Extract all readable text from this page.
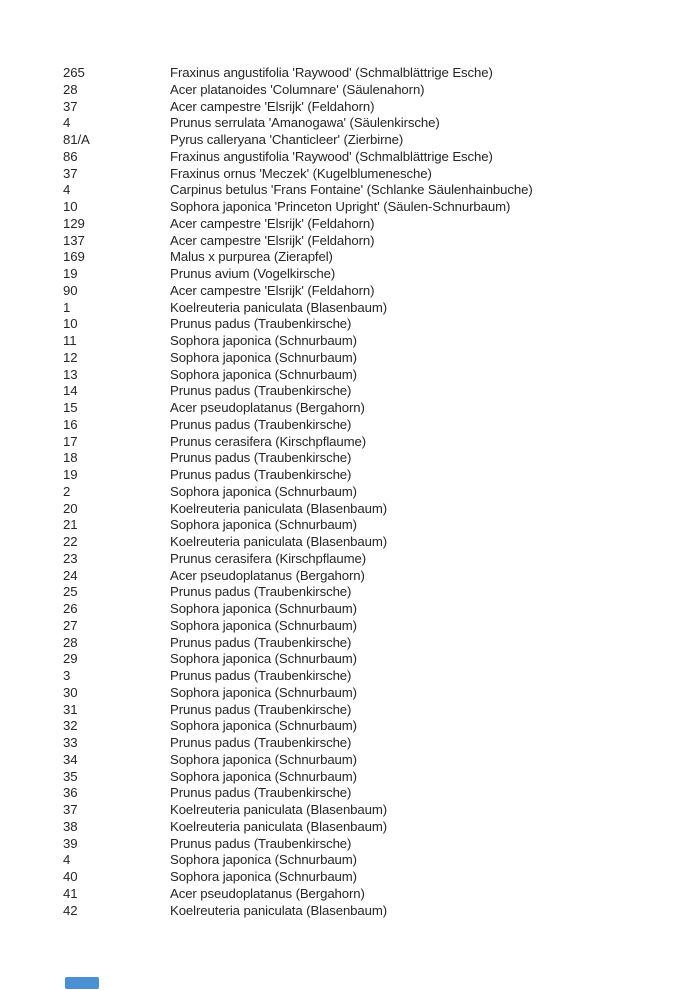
265	Fraxinus angustifolia 'Raywood' (Schmalblättrige Esche)
28	Acer platanoides 'Columnare' (Säulenahorn)
37	Acer campestre 'Elsrijk' (Feldahorn)
4	Prunus serrulata 'Amanogawa' (Säulenkirsche)
81/A	Pyrus calleryana 'Chanticleer' (Zierbirne)
86	Fraxinus angustifolia 'Raywood' (Schmalblättrige Esche)
37	Fraxinus ornus 'Meczek' (Kugelblumenesche)
4	Carpinus betulus 'Frans Fontaine' (Schlanke Säulenhainbuche)
10	Sophora japonica 'Princeton Upright' (Säulen-Schnurbaum)
129	Acer campestre 'Elsrijk' (Feldahorn)
137	Acer campestre 'Elsrijk' (Feldahorn)
169	Malus x purpurea (Zierapfel)
19	Prunus avium (Vogelkirsche)
90	Acer campestre 'Elsrijk' (Feldahorn)
1	Koelreuteria paniculata (Blasenbaum)
10	Prunus padus (Traubenkirsche)
11	Sophora japonica (Schnurbaum)
12	Sophora japonica (Schnurbaum)
13	Sophora japonica (Schnurbaum)
14	Prunus padus (Traubenkirsche)
15	Acer pseudoplatanus (Bergahorn)
16	Prunus padus (Traubenkirsche)
17	Prunus cerasifera (Kirschpflaume)
18	Prunus padus (Traubenkirsche)
19	Prunus padus (Traubenkirsche)
2	Sophora japonica (Schnurbaum)
20	Koelreuteria paniculata (Blasenbaum)
21	Sophora japonica (Schnurbaum)
22	Koelreuteria paniculata (Blasenbaum)
23	Prunus cerasifera (Kirschpflaume)
24	Acer pseudoplatanus (Bergahorn)
25	Prunus padus (Traubenkirsche)
26	Sophora japonica (Schnurbaum)
27	Sophora japonica (Schnurbaum)
28	Prunus padus (Traubenkirsche)
29	Sophora japonica (Schnurbaum)
3	Prunus padus (Traubenkirsche)
30	Sophora japonica (Schnurbaum)
31	Prunus padus (Traubenkirsche)
32	Sophora japonica (Schnurbaum)
33	Prunus padus (Traubenkirsche)
34	Sophora japonica (Schnurbaum)
35	Sophora japonica (Schnurbaum)
36	Prunus padus (Traubenkirsche)
37	Koelreuteria paniculata (Blasenbaum)
38	Koelreuteria paniculata (Blasenbaum)
39	Prunus padus (Traubenkirsche)
4	Sophora japonica (Schnurbaum)
40	Sophora japonica (Schnurbaum)
41	Acer pseudoplatanus (Bergahorn)
42	Koelreuteria paniculata (Blasenbaum)
